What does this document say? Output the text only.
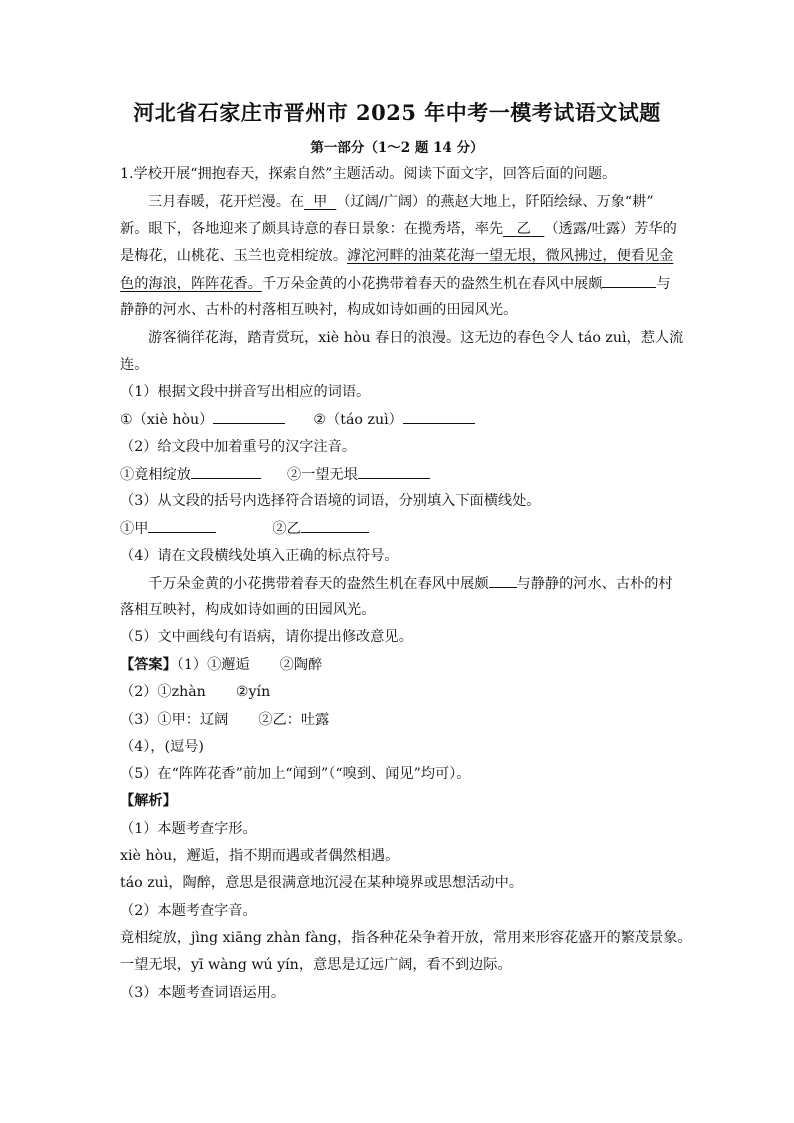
河北省石家庄市晋州市 2025 年中考一模考试语文试题
第一部分（1～2 题 14 分）
1.学校开展“拥抱春天，探索自然”主题活动。阅读下面文字，回答后面的问题。
三月春暖，花开烂漫。在 甲 （辽阔/广阔）的燕赵大地上，阡陌绘绿、万象“耕”
新。眼下，各地迎来了颇具诗意的春日景象：在揽秀塔，率先 乙 （透露/吐露）芳华的
是梅花，山桃花、玉兰也竞相绽放。滹沱河畔的油菜花海一望无垠，微风拂过，便看见金
色的海浪，阵阵花香。千万朵金黄的小花携带着春天的盎然生机在春风中展颇	与
静静的河水、古朴的村落相互映衬，构成如诗如画的田园风光。
游客徜徉花海，踏青赏玩，xiè hòu 春日的浪漫。这无边的春色令人 táo zuì，惹人流
连。
（1）根据文段中拼音写出相应的词语。
①（xiè hòu）	②（táo zuì）
（2）给文段中加着重号的汉字注音。
①竟相绽放	②一望无垠
（3）从文段的括号内选择符合语境的词语，分别填入下面横线处。
①甲	②乙
（4）请在文段横线处填入正确的标点符号。
千万朵金黄的小花携带着春天的盎然生机在春风中展颇 与静静的河水、古朴的村
落相互映衬，构成如诗如画的田园风光。
（5）文中画线句有语病，请你提出修改意见。
【答案】（1）①邂逅 ②陶醉
（2）①zhàn ②yín
（3）①甲：辽阔 ②乙：吐露
（4），(逗号)
（5）在“阵阵花香”前加上“闻到”（“嗅到、闻见”均可）。
【解析】
（1）本题考查字形。
xiè hòu，邂逅，指不期而遇或者偶然相遇。
táo zuì，陶醉，意思是很满意地沉浸在某种境界或思想活动中。
（2）本题考查字音。
竟相绽放，jìng xiāng zhàn fàng，指各种花朵争着开放，常用来形容花盛开的繁茂景象。
一望无垠，yī wàng wú yín，意思是辽远广阔，看不到边际。
（3）本题考查词语运用。
